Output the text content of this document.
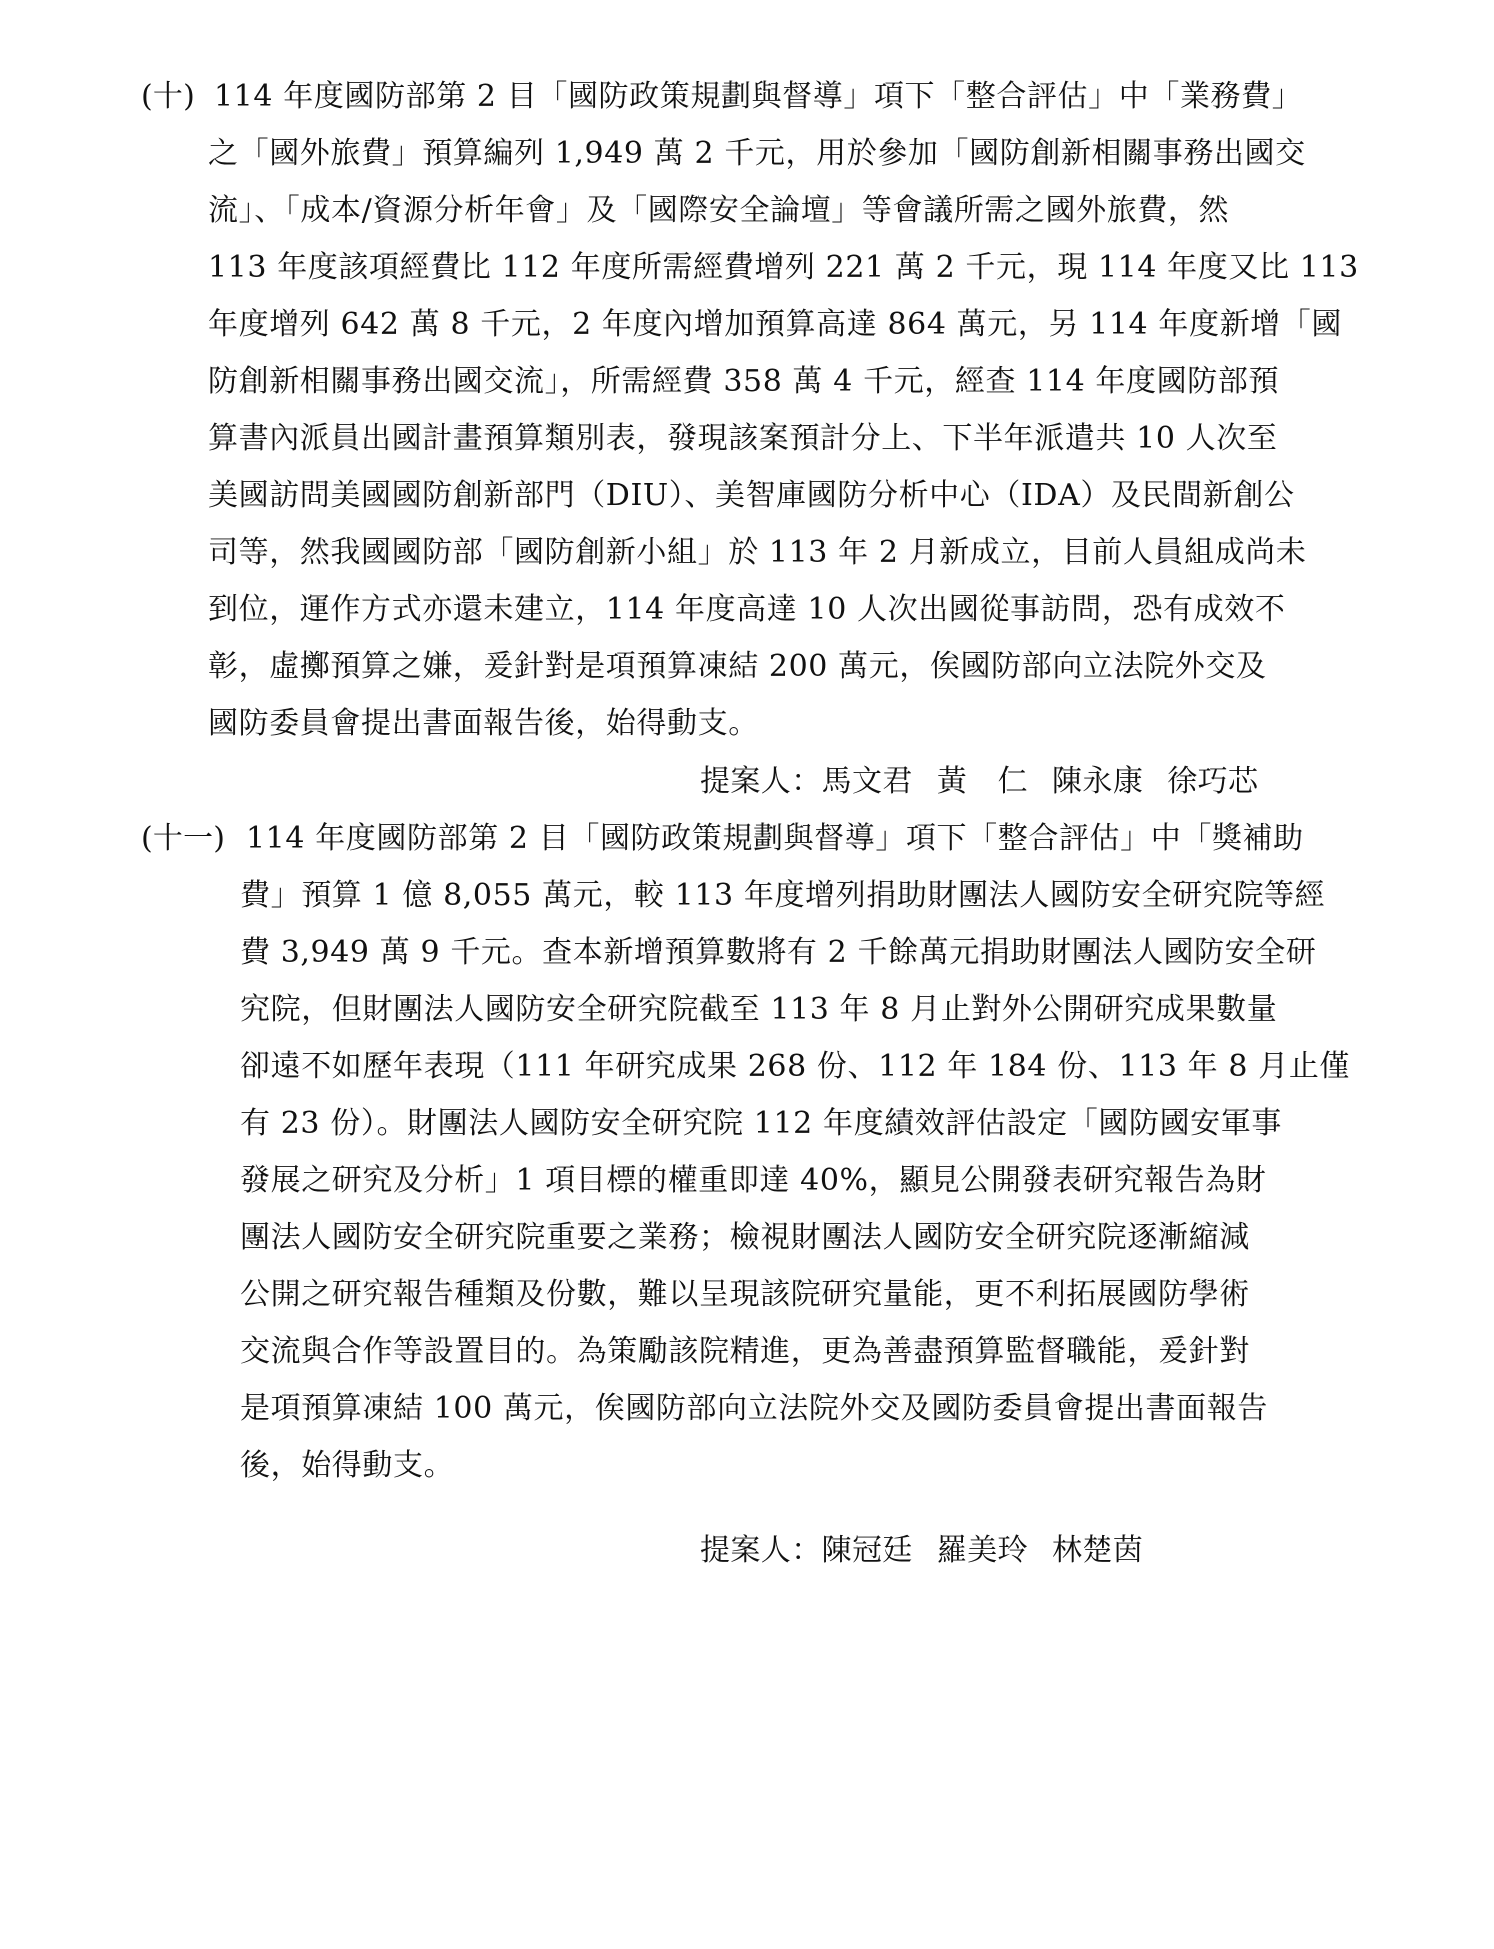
(十) 114 年度國防部第 2 目「國防政策規劃與督導」項下「整合評估」中「業務費」
之「國外旅費」預算編列 1,949 萬 2 千元，用於參加「國防創新相關事務出國交
流」、「成本/資源分析年會」及「國際安全論壇」等會議所需之國外旅費，然
113 年度該項經費比 112 年度所需經費增列 221 萬 2 千元，現 114 年度又比 113
年度增列 642 萬 8 千元，2 年度內增加預算高達 864 萬元，另 114 年度新增「國
防創新相關事務出國交流」，所需經費 358 萬 4 千元，經查 114 年度國防部預
算書內派員出國計畫預算類別表，發現該案預計分上、下半年派遣共 10 人次至
美國訪問美國國防創新部門（DIU）、美智庫國防分析中心（IDA）及民間新創公
司等，然我國國防部「國防創新小組」於 113 年 2 月新成立，目前人員組成尚未
到位，運作方式亦還未建立，114 年度高達 10 人次出國從事訪問，恐有成效不
彰，虛擲預算之嫌，爰針對是項預算凍結 200 萬元，俟國防部向立法院外交及
國防委員會提出書面報告後，始得動支。
提案人：馬文君 黃　仁 陳永康 徐巧芯
(十一) 114 年度國防部第 2 目「國防政策規劃與督導」項下「整合評估」中「獎補助
費」預算 1 億 8,055 萬元，較 113 年度增列捐助財團法人國防安全研究院等經
費 3,949 萬 9 千元。查本新增預算數將有 2 千餘萬元捐助財團法人國防安全研
究院，但財團法人國防安全研究院截至 113 年 8 月止對外公開研究成果數量
卻遠不如歷年表現（111 年研究成果 268 份、112 年 184 份、113 年 8 月止僅
有 23 份）。財團法人國防安全研究院 112 年度績效評估設定「國防國安軍事
發展之研究及分析」1 項目標的權重即達 40%，顯見公開發表研究報告為財
團法人國防安全研究院重要之業務；檢視財團法人國防安全研究院逐漸縮減
公開之研究報告種類及份數，難以呈現該院研究量能，更不利拓展國防學術
交流與合作等設置目的。為策勵該院精進，更為善盡預算監督職能，爰針對
是項預算凍結 100 萬元，俟國防部向立法院外交及國防委員會提出書面報告
後，始得動支。
提案人：陳冠廷 羅美玲 林楚茵
